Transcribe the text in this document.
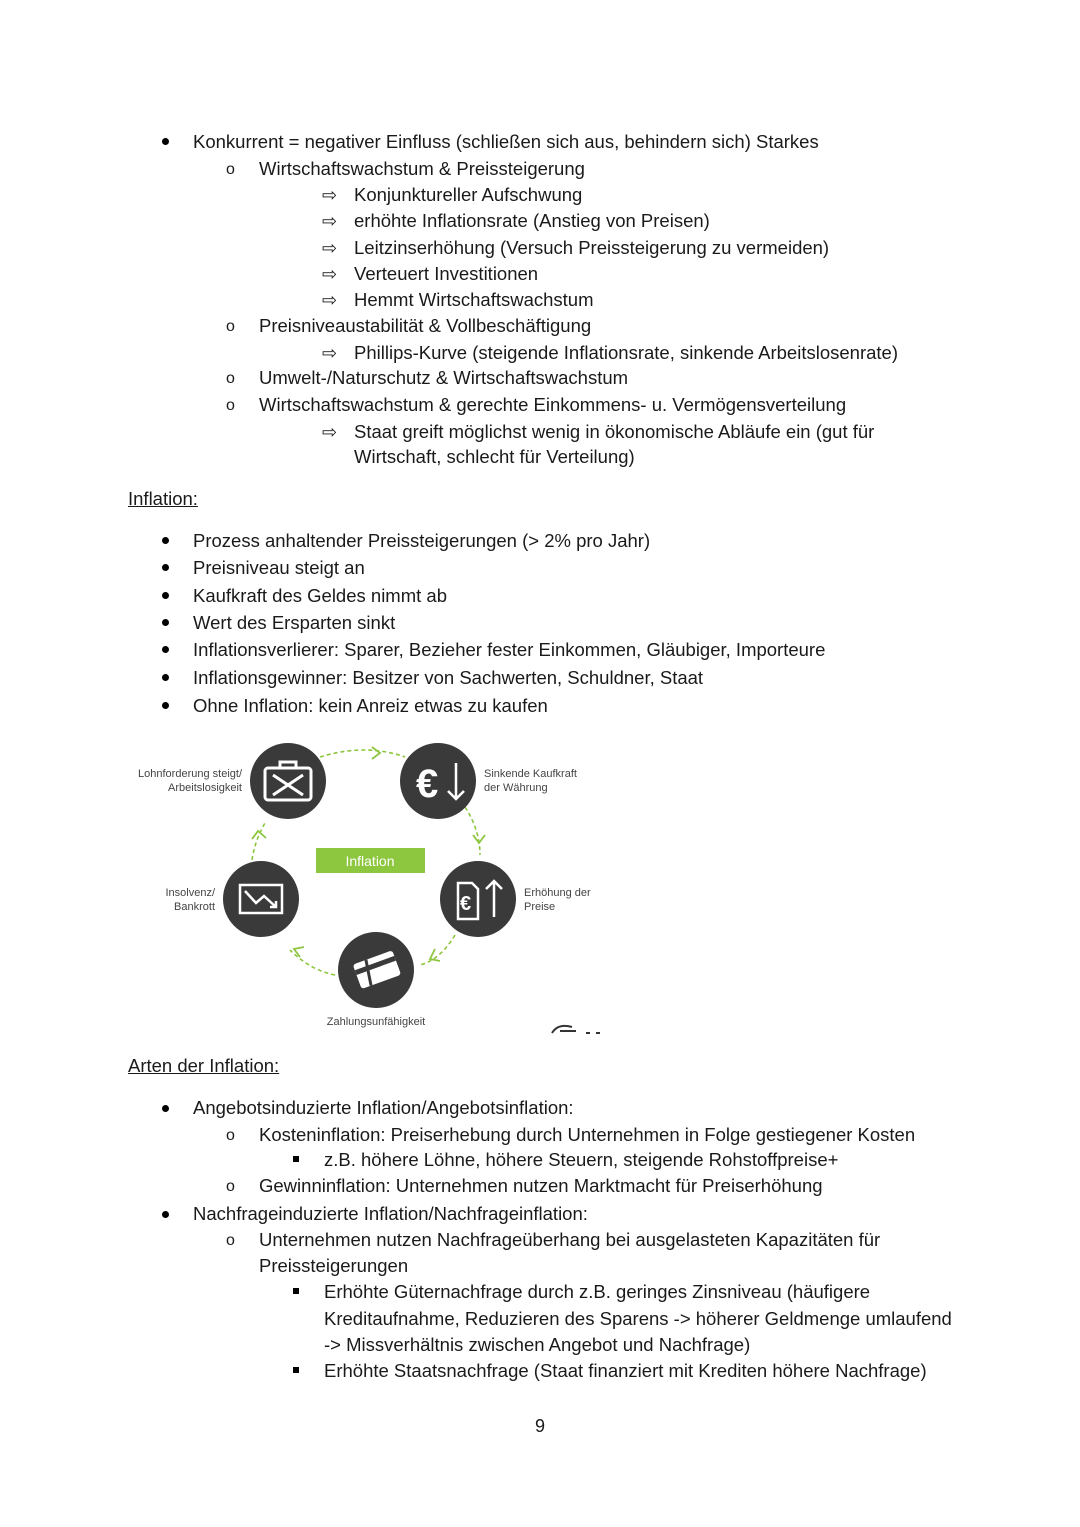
Konkurrent = negativer Einfluss (schließen sich aus, behindern sich) Starkes
o Wirtschaftswachstum & Preissteigerung
⇨ Konjunktureller Aufschwung
⇨ erhöhte Inflationsrate (Anstieg von Preisen)
⇨ Leitzinserhöhung (Versuch Preissteigerung zu vermeiden)
⇨ Verteuert Investitionen
⇨ Hemmt Wirtschaftswachstum
o Preisniveaustabilität & Vollbeschäftigung
⇨ Phillips-Kurve (steigende Inflationsrate, sinkende Arbeitslosenrate)
o Umwelt-/Naturschutz & Wirtschaftswachstum
o Wirtschaftswachstum & gerechte Einkommens- u. Vermögensverteilung
⇨ Staat greift möglichst wenig in ökonomische Abläufe ein (gut für
Wirtschaft, schlecht für Verteilung)
Inflation:
Prozess anhaltender Preissteigerungen (> 2% pro Jahr)
Preisniveau steigt an
Kaufkraft des Geldes nimmt ab
Wert des Ersparten sinkt
Inflationsverlierer: Sparer, Bezieher fester Einkommen, Gläubiger, Importeure
Inflationsgewinner: Besitzer von Sachwerten, Schuldner, Staat
Ohne Inflation: kein Anreiz etwas zu kaufen
€
€
Inflation
Lohnforderung steigt/
Arbeitslosigkeit
Sinkende Kaufkraft
der Währung
Erhöhung der
Preise
Zahlungsunfähigkeit
Insolvenz/
Bankrott
Arten der Inflation:
Angebotsinduzierte Inflation/Angebotsinflation:
o Kosteninflation: Preiserhebung durch Unternehmen in Folge gestiegener Kosten
z.B. höhere Löhne, höhere Steuern, steigende Rohstoffpreise+
o Gewinninflation: Unternehmen nutzen Marktmacht für Preiserhöhung
Nachfrageinduzierte Inflation/Nachfrageinflation:
o Unternehmen nutzen Nachfrageüberhang bei ausgelasteten Kapazitäten für
Preissteigerungen
Erhöhte Güternachfrage durch z.B. geringes Zinsniveau (häufigere
Kreditaufnahme, Reduzieren des Sparens -> höherer Geldmenge umlaufend
-> Missverhältnis zwischen Angebot und Nachfrage)
Erhöhte Staatsnachfrage (Staat finanziert mit Krediten höhere Nachfrage)
9
